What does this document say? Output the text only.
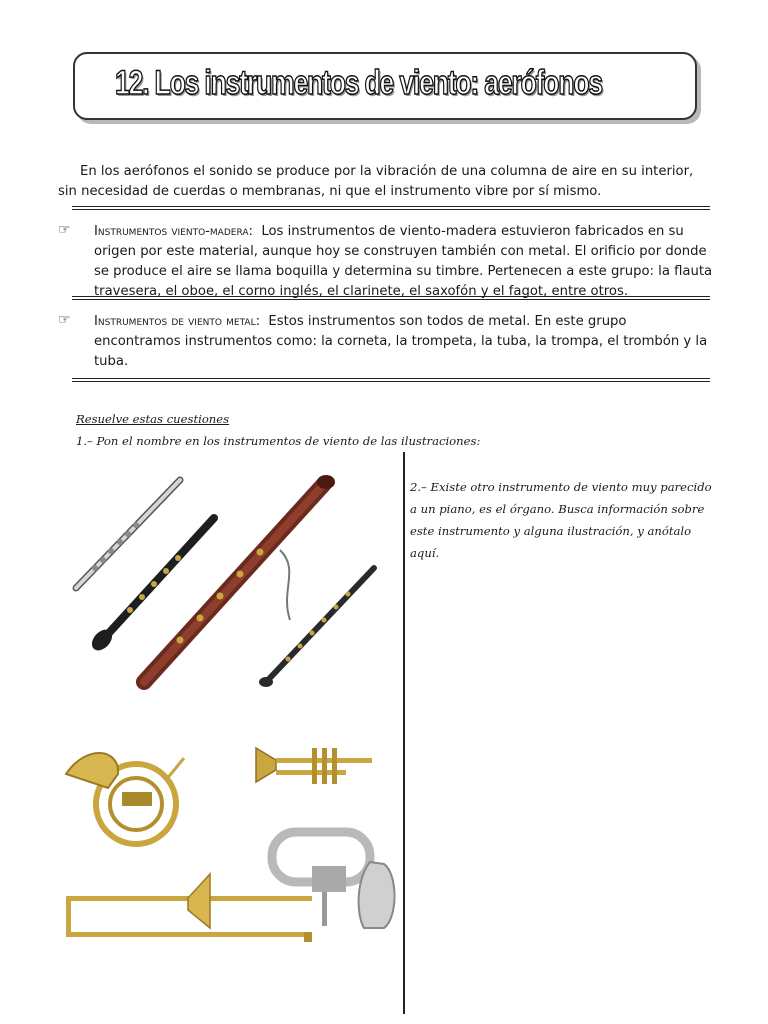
12. Los instrumentos de viento: aerófonos
En los aerófonos el sonido se produce por la vibración de una columna de aire en su interior, sin necesidad de cuerdas o membranas, ni que el instrumento vibre por sí mismo.
☞ Instrumentos viento-madera: Los instrumentos de viento-madera estuvieron fabricados en su origen por este material, aunque hoy se construyen también con metal. El orificio por donde se produce el aire se llama boquilla y determina su timbre. Pertenecen a este grupo: la flauta travesera, el oboe, el corno inglés, el clarinete, el saxofón y el fagot, entre otros.
☞ Instrumentos de viento metal: Estos instrumentos son todos de metal. En este grupo encontramos instrumentos como: la corneta, la trompeta, la tuba, la trompa, el trombón y la tuba.
Resuelve estas cuestiones
1.– Pon el nombre en los instrumentos de viento de las ilustraciones:
2.– Existe otro instrumento de viento muy parecido a un piano, es el órgano. Busca información sobre este instrumento y alguna ilustración, y anótalo aquí.
